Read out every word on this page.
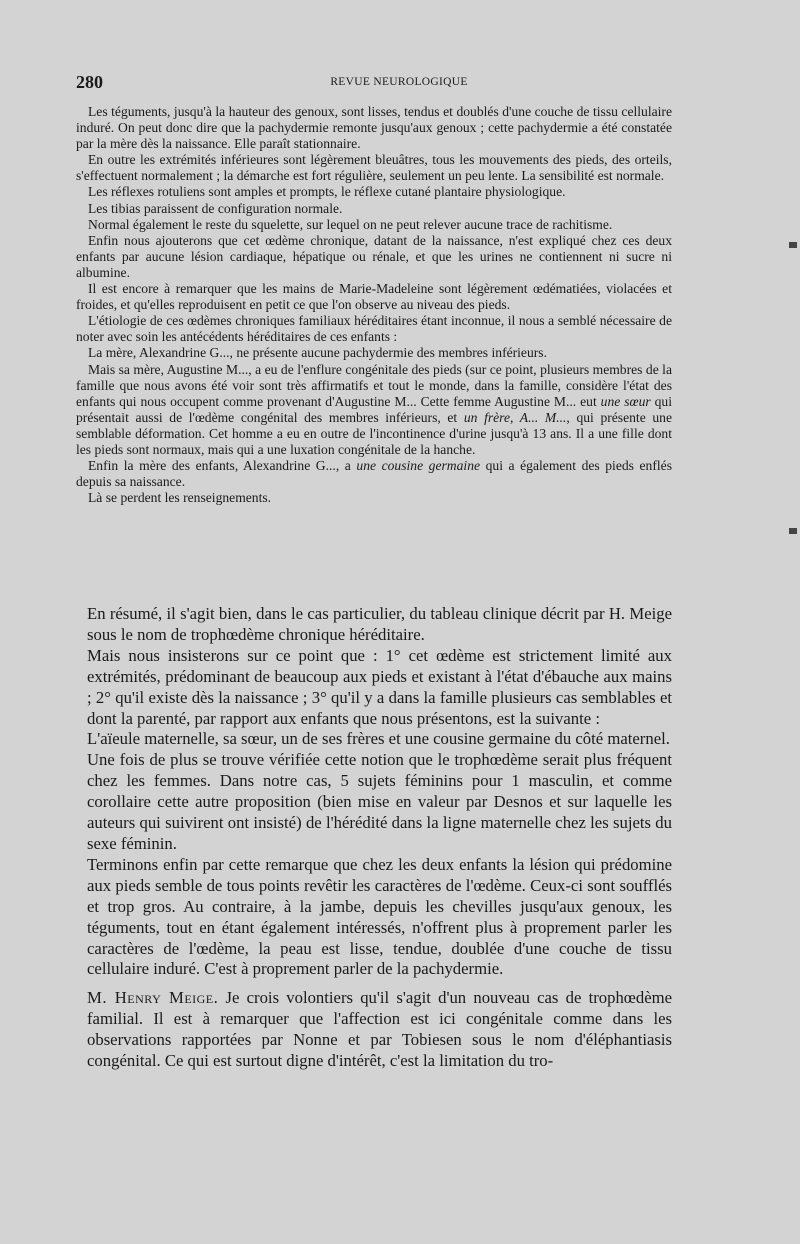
280	REVUE NEUROLOGIQUE

Les téguments, jusqu'à la hauteur des genoux, sont lisses, tendus et doublés d'une couche de tissu cellulaire induré. On peut donc dire que la pachydermie remonte jusqu'aux genoux ; cette pachydermie a été constatée par la mère dès la naissance. Elle paraît stationnaire.

En outre les extrémités inférieures sont légèrement bleuâtres, tous les mouvements des pieds, des orteils, s'effectuent normalement ; la démarche est fort régulière, seulement un peu lente. La sensibilité est normale.

Les réflexes rotuliens sont amples et prompts, le réflexe cutané plantaire physiologique.

Les tibias paraissent de configuration normale.

Normal également le reste du squelette, sur lequel on ne peut relever aucune trace de rachitisme.

Enfin nous ajouterons que cet œdème chronique, datant de la naissance, n'est expliqué chez ces deux enfants par aucune lésion cardiaque, hépatique ou rénale, et que les urines ne contiennent ni sucre ni albumine.

Il est encore à remarquer que les mains de Marie-Madeleine sont légèrement œdématiées, violacées et froides, et qu'elles reproduisent en petit ce que l'on observe au niveau des pieds.

L'étiologie de ces œdèmes chroniques familiaux héréditaires étant inconnue, il nous a semblé nécessaire de noter avec soin les antécédents héréditaires de ces enfants :

La mère, Alexandrine G..., ne présente aucune pachydermie des membres inférieurs.

Mais sa mère, Augustine M..., a eu de l'enflure congénitale des pieds (sur ce point, plusieurs membres de la famille que nous avons été voir sont très affirmatifs et tout le monde, dans la famille, considère l'état des enfants qui nous occupent comme provenant d'Augustine M... Cette femme Augustine M... eut une sœur qui présentait aussi de l'œdème congénital des membres inférieurs, et un frère, A... M..., qui présente une semblable déformation. Cet homme a eu en outre de l'incontinence d'urine jusqu'à 13 ans. Il a une fille dont les pieds sont normaux, mais qui a une luxation congénitale de la hanche.

Enfin la mère des enfants, Alexandrine G..., a une cousine germaine qui a également des pieds enflés depuis sa naissance.

Là se perdent les renseignements.

En résumé, il s'agit bien, dans le cas particulier, du tableau clinique décrit par H. Meige sous le nom de trophœdème chronique héréditaire.

Mais nous insisterons sur ce point que : 1° cet œdème est strictement limité aux extrémités, prédominant de beaucoup aux pieds et existant à l'état d'ébauche aux mains ; 2° qu'il existe dès la naissance ; 3° qu'il y a dans la famille plusieurs cas semblables et dont la parenté, par rapport aux enfants que nous présentons, est la suivante :

L'aïeule maternelle, sa sœur, un de ses frères et une cousine germaine du côté maternel.

Une fois de plus se trouve vérifiée cette notion que le trophœdème serait plus fréquent chez les femmes. Dans notre cas, 5 sujets féminins pour 1 masculin, et comme corollaire cette autre proposition (bien mise en valeur par Desnos et sur laquelle les auteurs qui suivirent ont insisté) de l'hérédité dans la ligne maternelle chez les sujets du sexe féminin.

Terminons enfin par cette remarque que chez les deux enfants la lésion qui prédomine aux pieds semble de tous points revêtir les caractères de l'œdème. Ceux-ci sont soufflés et trop gros. Au contraire, à la jambe, depuis les chevilles jusqu'aux genoux, les téguments, tout en étant également intéressés, n'offrent plus à proprement parler les caractères de l'œdème, la peau est lisse, tendue, doublée d'une couche de tissu cellulaire induré. C'est à proprement parler de la pachydermie.

M. Henry Meige. Je crois volontiers qu'il s'agit d'un nouveau cas de trophœdème familial. Il est à remarquer que l'affection est ici congénitale comme dans les observations rapportées par Nonne et par Tobiesen sous le nom d'éléphantiasis congénital. Ce qui est surtout digne d'intérêt, c'est la limitation du tro-
